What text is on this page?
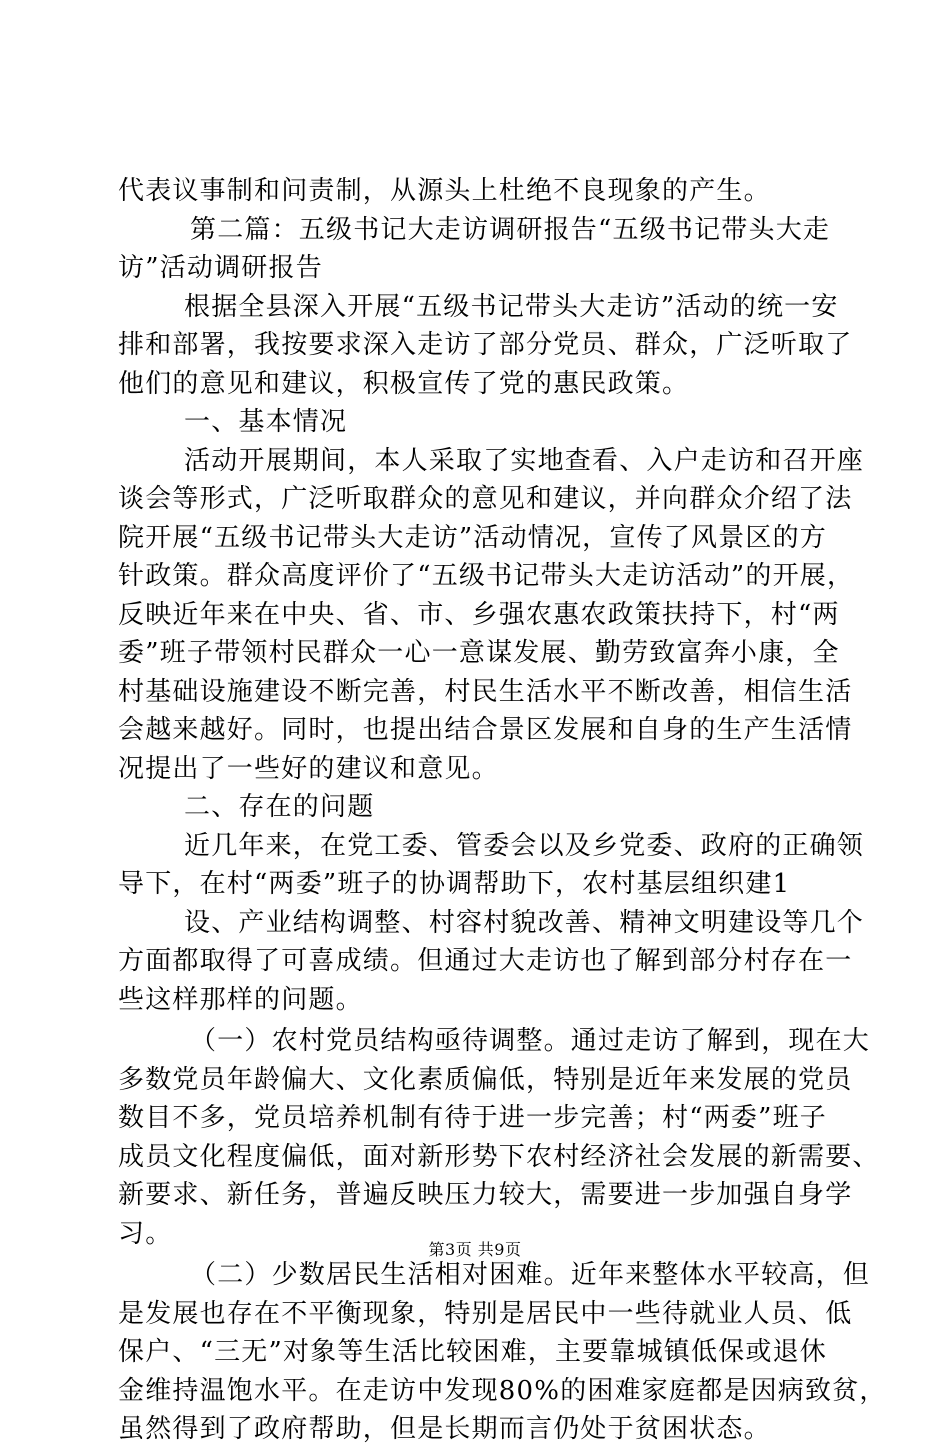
代表议事制和问责制，从源头上杜绝不良现象的产生。
第二篇：五级书记大走访调研报告“五级书记带头大走
访”活动调研报告
根据全县深入开展“五级书记带头大走访”活动的统一安
排和部署，我按要求深入走访了部分党员、群众，广泛听取了
他们的意见和建议，积极宣传了党的惠民政策。
一、基本情况
活动开展期间，本人采取了实地查看、入户走访和召开座
谈会等形式，广泛听取群众的意见和建议，并向群众介绍了法
院开展“五级书记带头大走访”活动情况，宣传了风景区的方
针政策。群众高度评价了“五级书记带头大走访活动”的开展，
反映近年来在中央、省、市、乡强农惠农政策扶持下，村“两
委”班子带领村民群众一心一意谋发展、勤劳致富奔小康，全
村基础设施建设不断完善，村民生活水平不断改善，相信生活
会越来越好。同时，也提出结合景区发展和自身的生产生活情
况提出了一些好的建议和意见。
二、存在的问题
近几年来，在党工委、管委会以及乡党委、政府的正确领
导下，在村“两委”班子的协调帮助下，农村基层组织建1
设、产业结构调整、村容村貌改善、精神文明建设等几个
方面都取得了可喜成绩。但通过大走访也了解到部分村存在一
些这样那样的问题。
（一）农村党员结构亟待调整。通过走访了解到，现在大
多数党员年龄偏大、文化素质偏低，特别是近年来发展的党员
数目不多，党员培养机制有待于进一步完善；村“两委”班子
成员文化程度偏低，面对新形势下农村经济社会发展的新需要、
新要求、新任务，普遍反映压力较大，需要进一步加强自身学
习。
（二）少数居民生活相对困难。近年来整体水平较高，但
是发展也存在不平衡现象，特别是居民中一些待就业人员、低
保户、“三无”对象等生活比较困难，主要靠城镇低保或退休
金维持温饱水平。在走访中发现80%的困难家庭都是因病致贫，
虽然得到了政府帮助，但是长期而言仍处于贫困状态。
第3页 共9页
